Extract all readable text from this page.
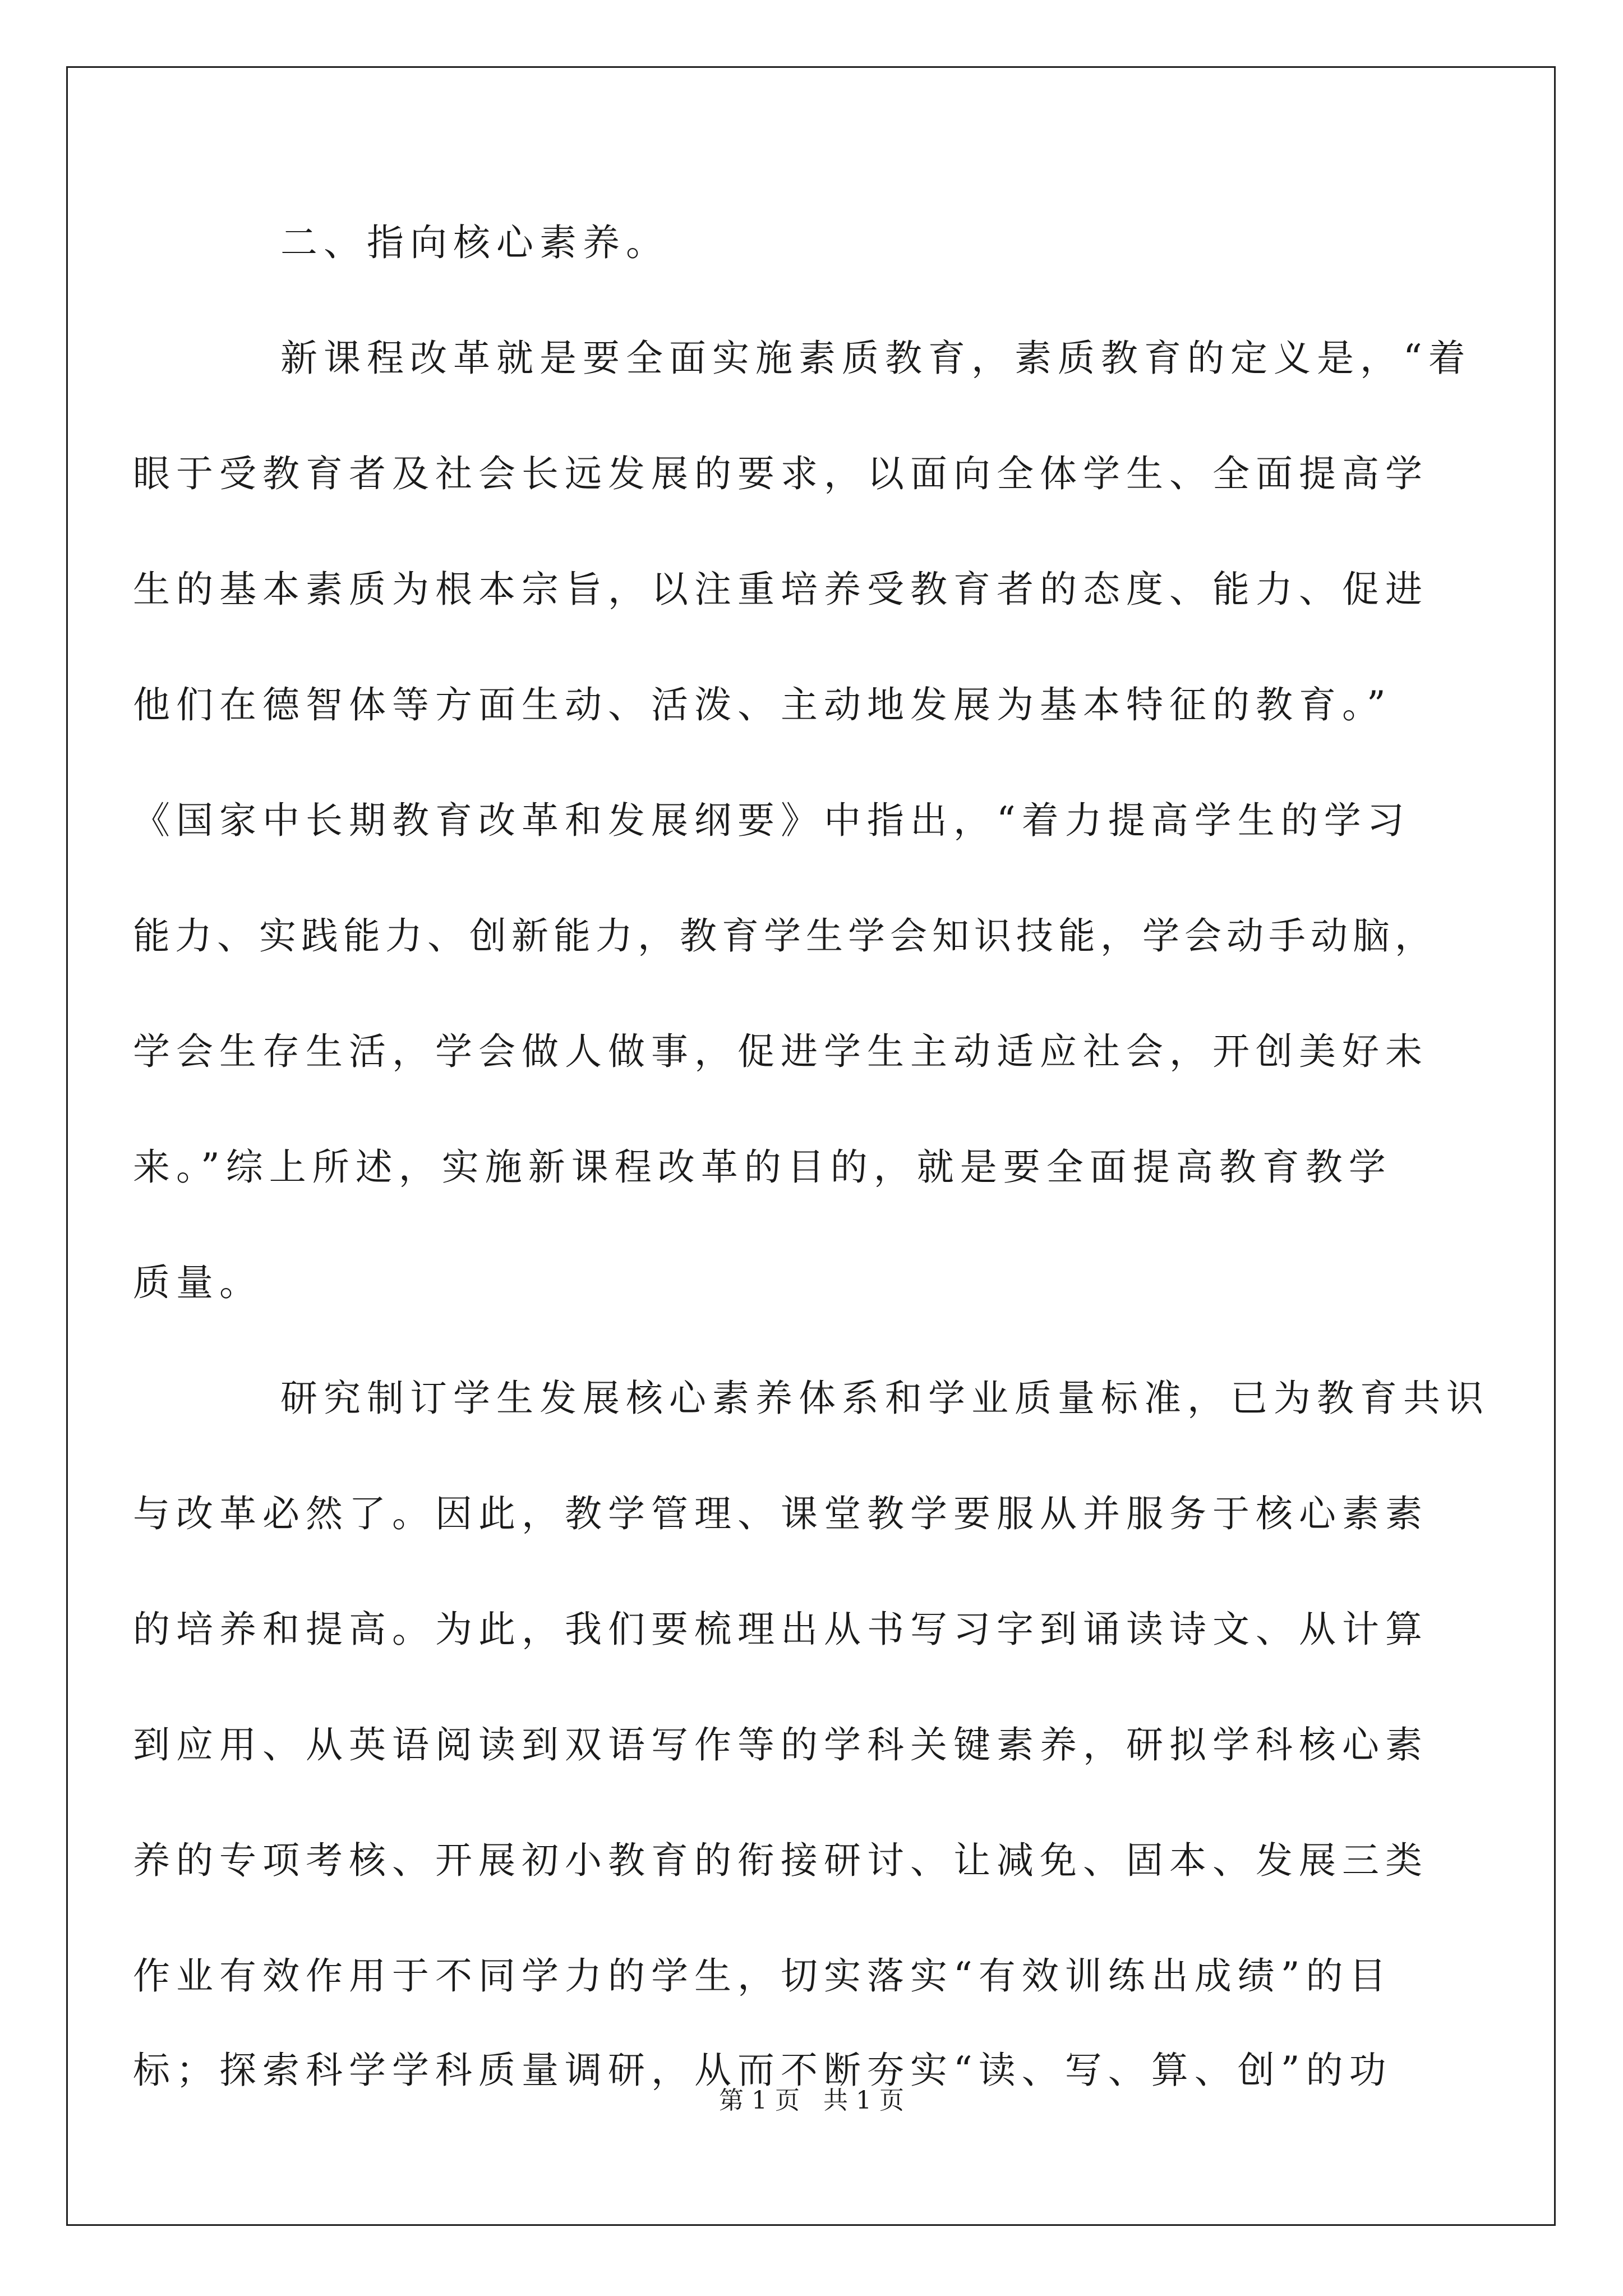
二、指向核心素养。
新课程改革就是要全面实施素质教育，素质教育的定义是，“着
眼于受教育者及社会长远发展的要求，以面向全体学生、全面提高学
生的基本素质为根本宗旨，以注重培养受教育者的态度、能力、促进
他们在德智体等方面生动、活泼、主动地发展为基本特征的教育。”
《国家中长期教育改革和发展纲要》中指出，“着力提高学生的学习
能力、实践能力、创新能力，教育学生学会知识技能，学会动手动脑，
学会生存生活，学会做人做事，促进学生主动适应社会，开创美好未
来。”综上所述，实施新课程改革的目的，就是要全面提高教育教学
质量。
研究制订学生发展核心素养体系和学业质量标准，已为教育共识
与改革必然了。因此，教学管理、课堂教学要服从并服务于核心素素
的培养和提高。为此，我们要梳理出从书写习字到诵读诗文、从计算
到应用、从英语阅读到双语写作等的学科关键素养，研拟学科核心素
养的专项考核、开展初小教育的衔接研讨、让减免、固本、发展三类
作业有效作用于不同学力的学生，切实落实“有效训练出成绩”的目
标；探索科学学科质量调研，从而不断夯实“读、写、算、创”的功
第 1 页   共 1 页
